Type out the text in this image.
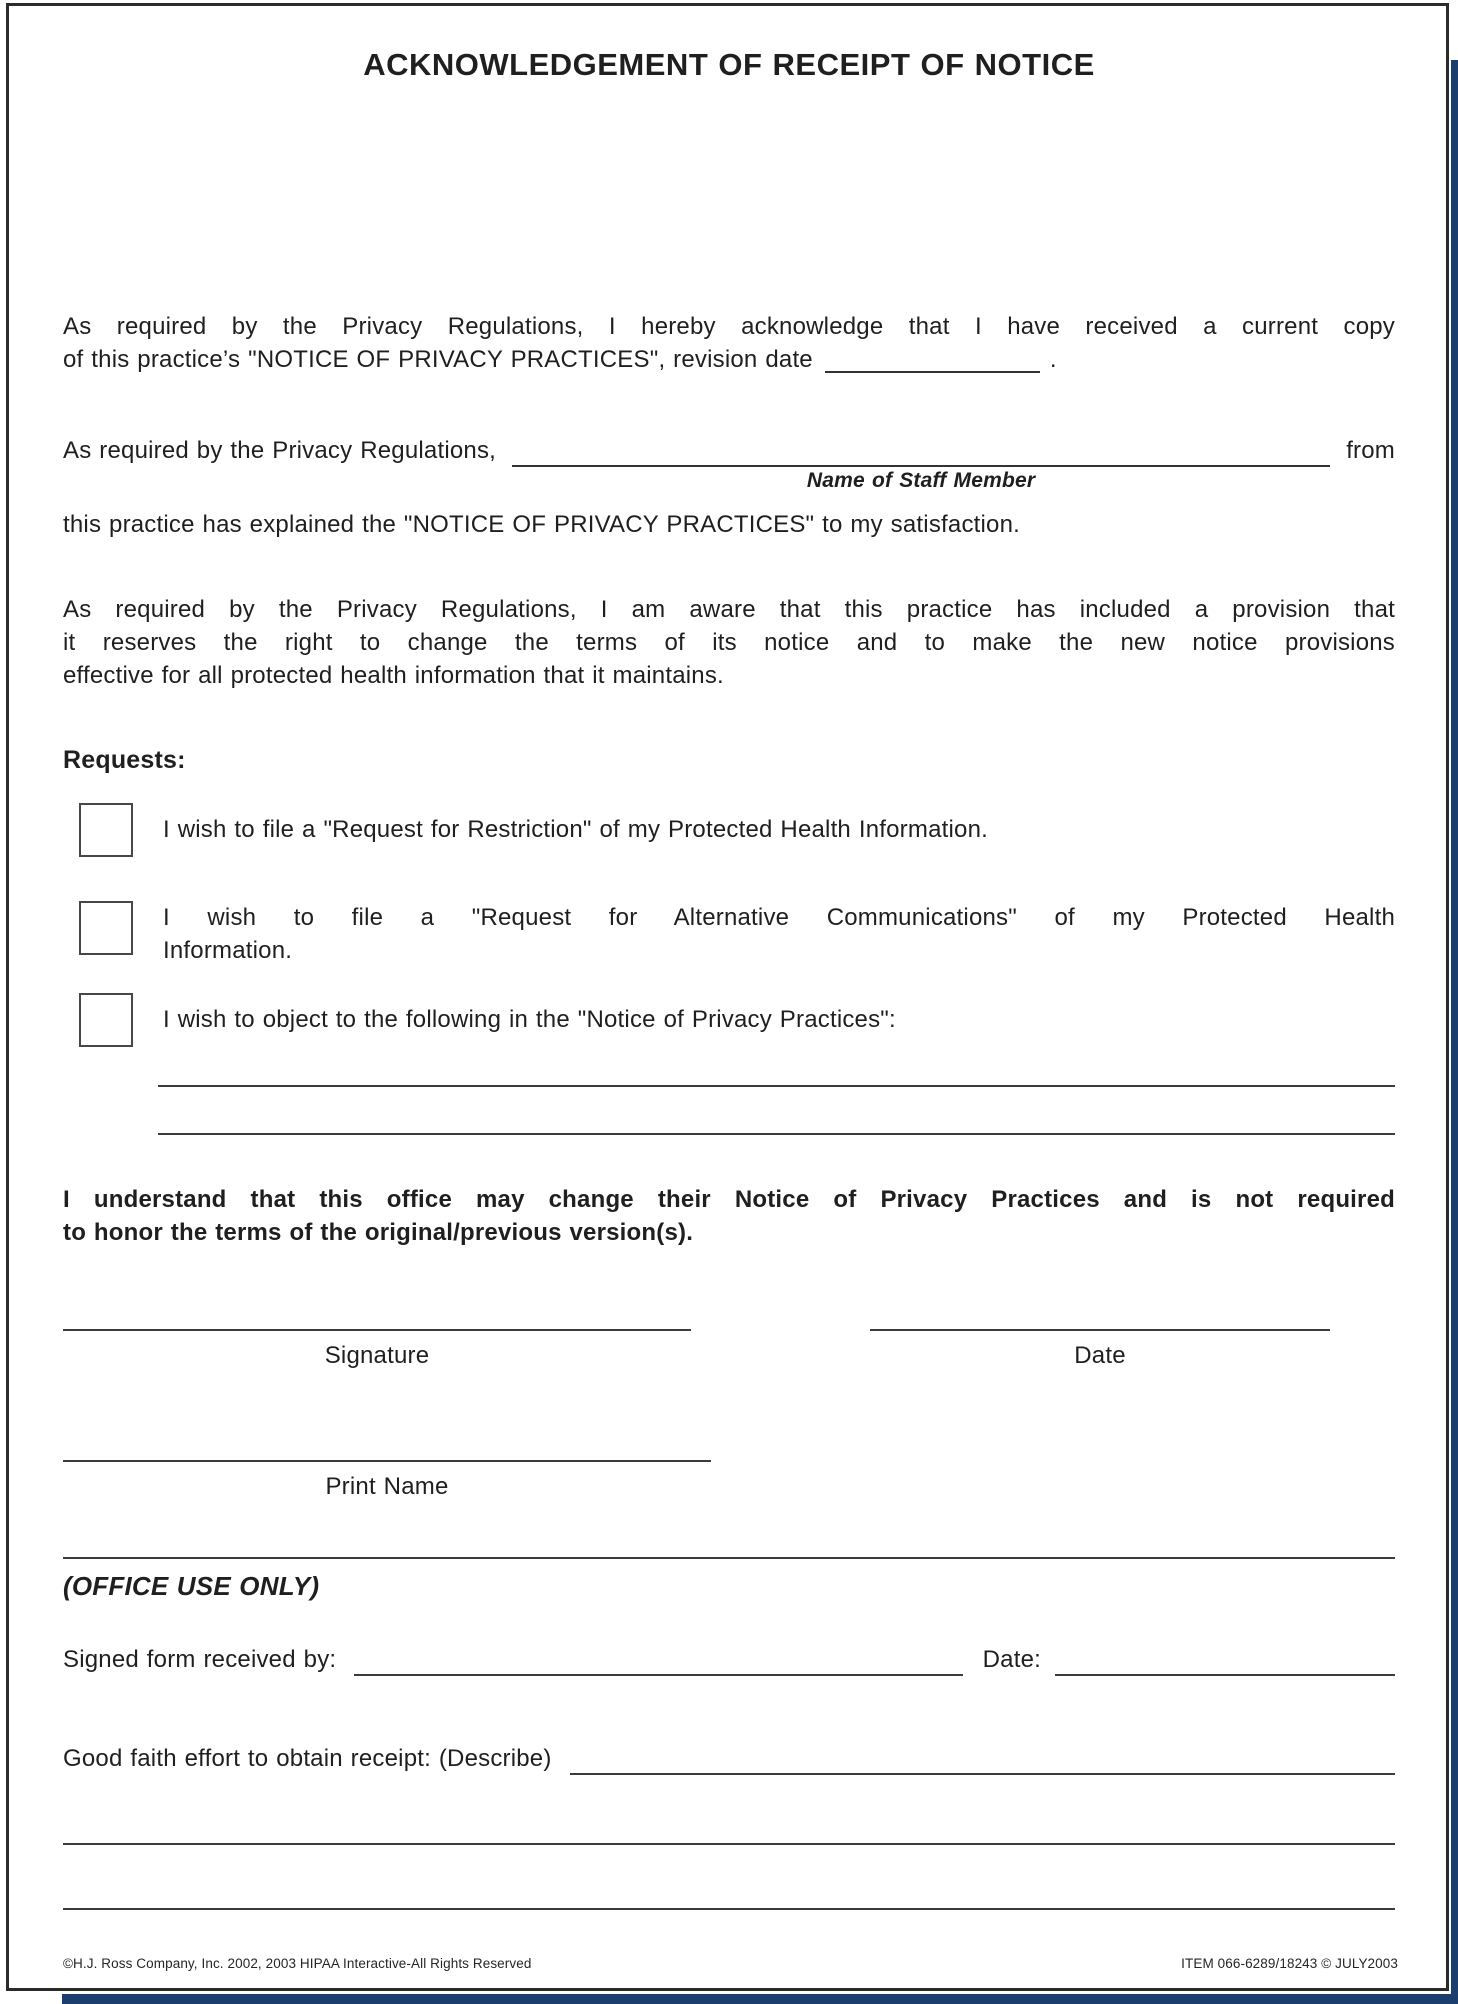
ACKNOWLEDGEMENT OF RECEIPT OF NOTICE
As required by the Privacy Regulations, I hereby acknowledge that I have received a current copy
of this practice’s "NOTICE OF PRIVACY PRACTICES", revision date	.
As required by the Privacy Regulations,
Name of Staff Member
from
this practice has explained the "NOTICE OF PRIVACY PRACTICES" to my satisfaction.
As required by the Privacy Regulations, I am aware that this practice has included a provision that
it reserves the right to change the terms of its notice and to make the new notice provisions
effective for all protected health information that it maintains.
Requests:
I wish to file a "Request for Restriction" of my Protected Health Information.
I wish to file a "Request for Alternative Communications" of my Protected Health
Information.
I wish to object to the following in the "Notice of Privacy Practices":
I understand that this office may change their Notice of Privacy Practices and is not required
to honor the terms of the original/previous version(s).
Signature	Date
Print Name
(OFFICE USE ONLY)
Signed form received by:	Date:
Good faith effort to obtain receipt: (Describe)
©H.J. Ross Company, Inc. 2002, 2003 HIPAA Interactive-All Rights Reserved	ITEM 066-6289/18243 © JULY2003
